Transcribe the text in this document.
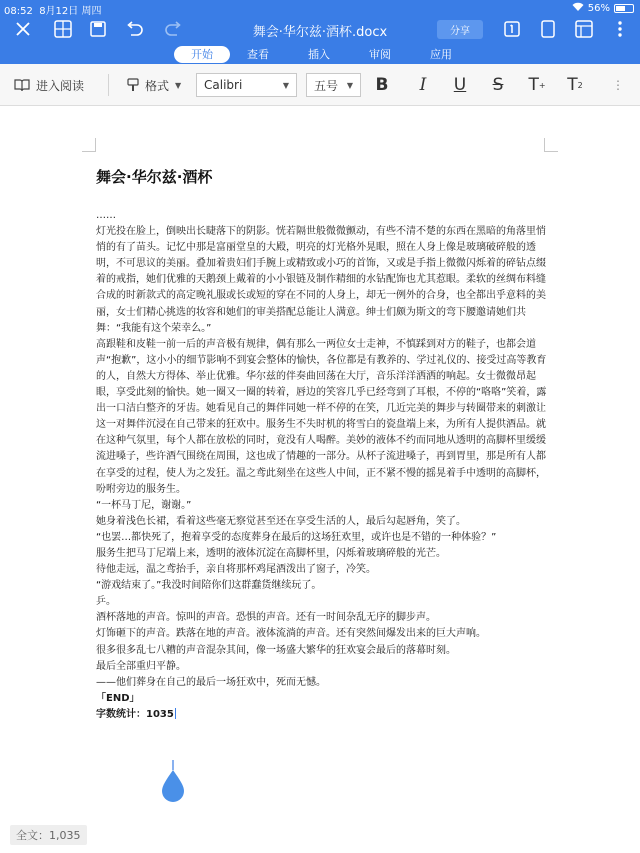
08:52 8月12日 周四	56%
舞会·华尔兹·酒杯.docx	分享
开始	查看	插入	审阅	应用
进入阅读	格式 ▼ Calibri	▼ 五号 ▼	B	I	U	S	T + T 2	⋮
舞会·华尔兹·酒杯

……

灯光投在脸上，倒映出长睫落下的阴影。恍若隔世般微微颤动，有些不清不楚的东西在黑暗的角落里悄悄的有了苗头。记忆中那是富丽堂皇的大殿，明亮的灯光格外晃眼，照在人身上像是玻璃破碎般的透明，不可思议的美丽。叠加着贵妇们手腕上或精致或小巧的首饰，又或是手指上微微闪烁着的碎钻点缀着的戒指，她们优雅的天鹅颈上戴着的小小银链及制作精细的水钻配饰也尤其惹眼。柔软的丝绸布料缝合成的时新款式的高定晚礼服或长或短的穿在不同的人身上，却无一例外的合身，也全都出乎意料的美丽，女士们精心挑选的妆容和她们的审美搭配总能让人满意。绅士们颇为斯文的弯下腰邀请她们共舞：“我能有这个荣幸么。”

高跟鞋和皮鞋一前一后的声音极有规律，偶有那么一两位女士走神，不慎踩到对方的鞋子，也都会道声“抱歉”，这小小的细节影响不到宴会整体的愉快，各位都是有教养的、学过礼仪的、接受过高等教育的人，自然大方得体、举止优雅。华尔兹的伴奏曲回荡在大厅，音乐洋洋洒洒的响起。女士微微昂起眼，享受此刻的愉快。她一圈又一圈的转着，唇边的笑容几乎已经弯到了耳根，不停的“咯咯”笑着，露出一口洁白整齐的牙齿。她看见自己的舞伴同她一样不停的在笑，几近完美的舞步与转圈带来的刺激让这一对舞伴沉浸在自己带来的狂欢中。服务生不失时机的将雪白的瓷盘端上来，为所有人提供酒品。就在这种气氛里，每个人都在放松的同时，竟没有人喝醉。美妙的液体不约而同地从透明的高脚杯里缓缓流进嗓子，些许酒气围绕在周围，这也成了情趣的一部分。从杯子流进嗓子，再到胃里，那是所有人都在享受的过程，使人为之发狂。温之鸢此刻坐在这些人中间，正不紧不慢的摇晃着手中透明的高脚杯，吩咐旁边的服务生。

“一杯马丁尼，谢谢。”

她身着浅色长裙，看着这些毫无察觉甚至还在享受生活的人，最后勾起唇角，笑了。

“也罢…都快死了，抱着享受的态度葬身在最后的这场狂欢里，或许也是不错的一种体验？”

服务生把马丁尼端上来，透明的液体沉淀在高脚杯里，闪烁着玻璃碎般的光芒。

待他走远，温之鸢抬手，亲自将那杯鸡尾酒泼出了窗子，冷笑。

“游戏结束了。”我没时间陪你们这群蠢货继续玩了。

乒。

酒杯落地的声音。惊叫的声音。恐惧的声音。还有一时间杂乱无序的脚步声。

灯饰砸下的声音。跌落在地的声音。液体流淌的声音。还有突然间爆发出来的巨大声响。

很多很多乱七八糟的声音混杂其间，像一场盛大繁华的狂欢宴会最后的落幕时刻。

最后全部重归平静。

——他们葬身在自己的最后一场狂欢中，死而无憾。

「END」

字数统计：1035

全文：1,035
